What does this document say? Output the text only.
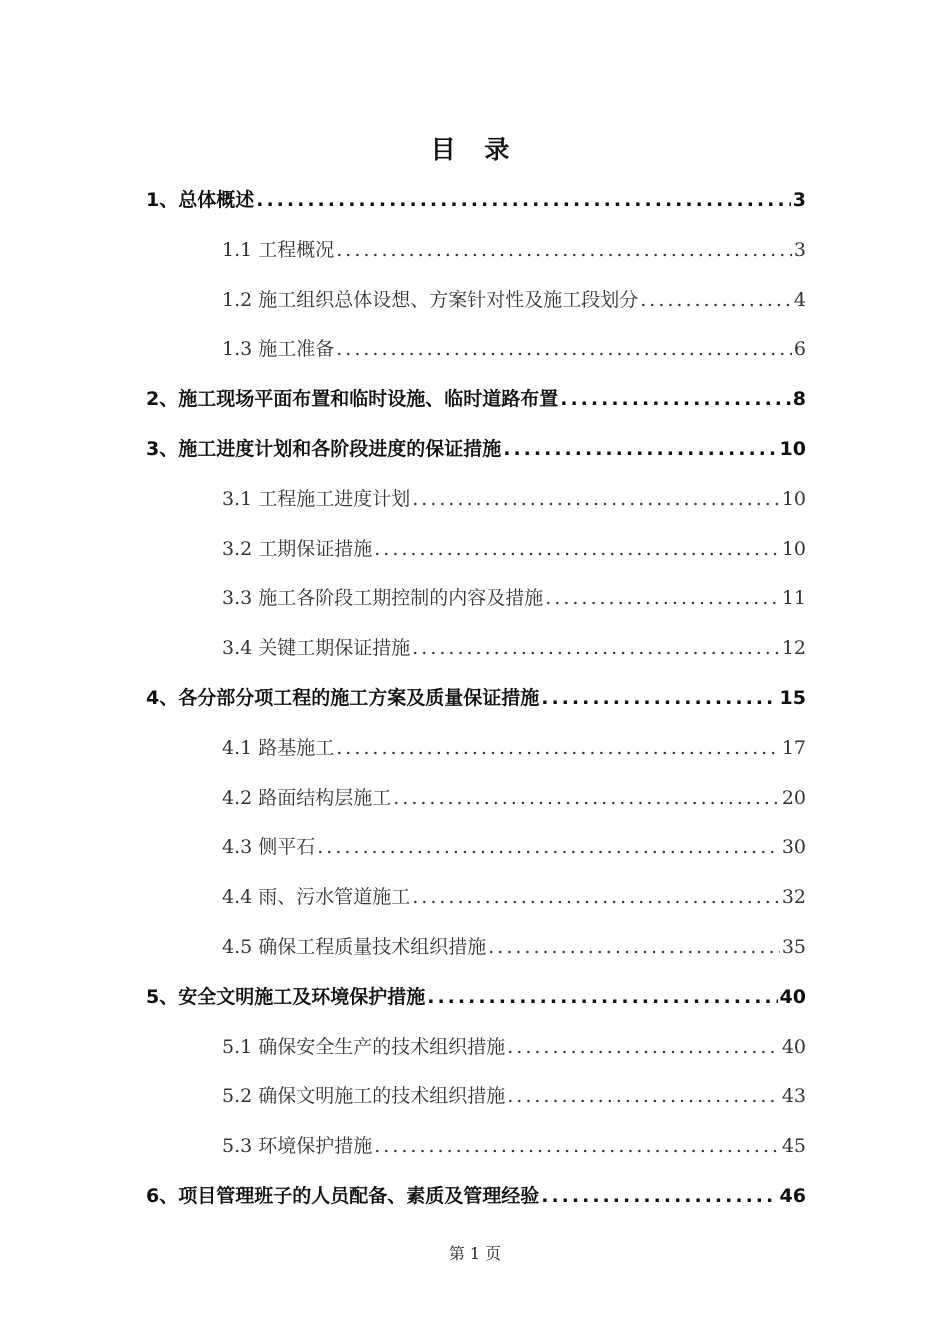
目 录
1、总体概述 .....	3
1.1 工程概况 .....	3
1.2 施工组织总体设想、方案针对性及施工段划分 .....	4
1.3 施工准备 .....	6
2、施工现场平面布置和临时设施、临时道路布置 .....	8
3、施工进度计划和各阶段进度的保证措施 .....	10
3.1 工程施工进度计划 .....	10
3.2 工期保证措施 .....	10
3.3 施工各阶段工期控制的内容及措施 .....	11
3.4 关键工期保证措施 .....	12
4、各分部分项工程的施工方案及质量保证措施 .....	15
4.1 路基施工 .....	17
4.2 路面结构层施工 .....	20
4.3 侧平石 .....	30
4.4 雨、污水管道施工 .....	32
4.5 确保工程质量技术组织措施 .....	35
5、安全文明施工及环境保护措施 .....	40
5.1 确保安全生产的技术组织措施 .....	40
5.2 确保文明施工的技术组织措施 .....	43
5.3 环境保护措施 .....	45
6、项目管理班子的人员配备、素质及管理经验 .....	46
第 1 页
